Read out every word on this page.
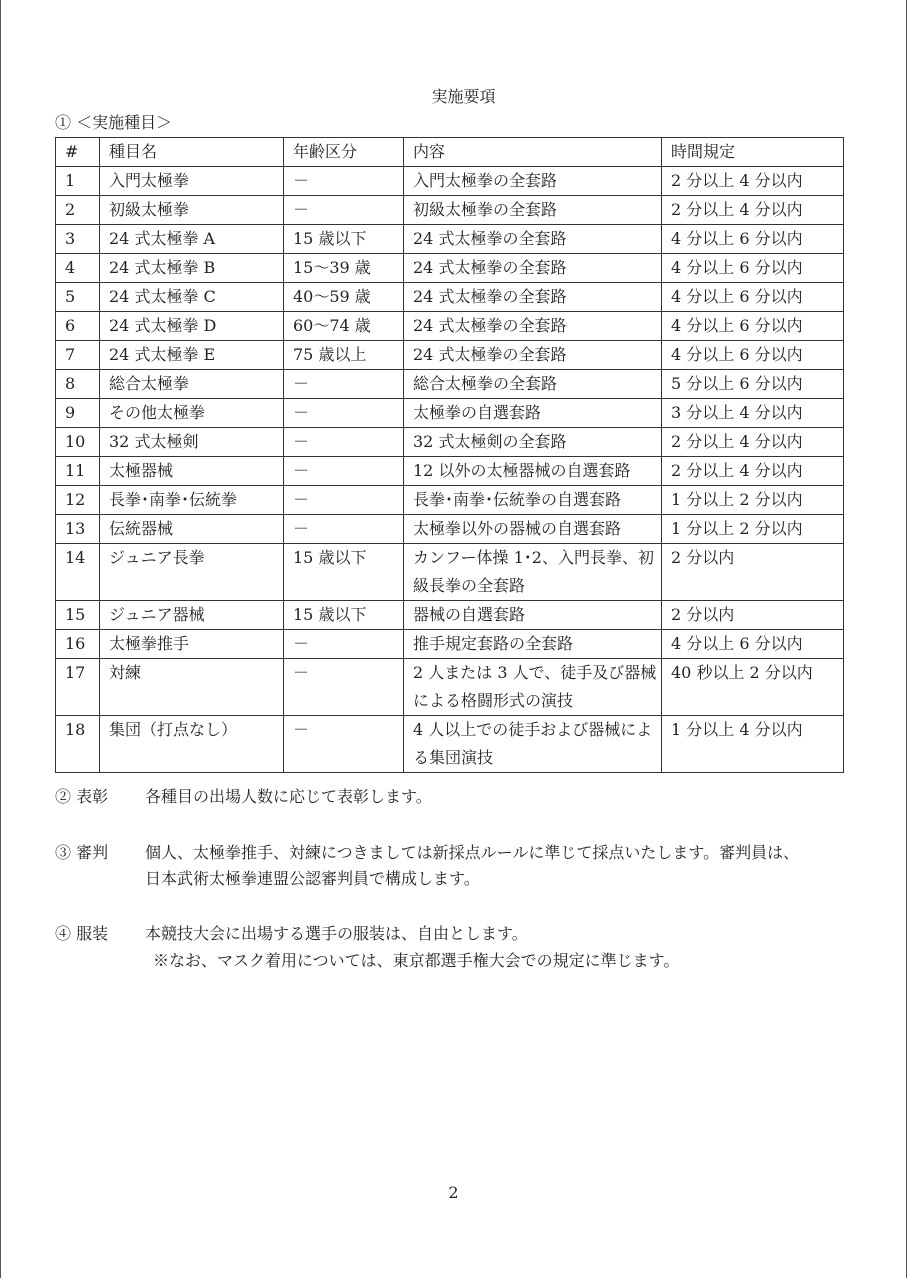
実施要項
① ＜実施種目＞
#	種目名	年齢区分	内容	時間規定
1	入門太極拳	－	入門太極拳の全套路	2 分以上 4 分以内
2	初級太極拳	－	初級太極拳の全套路	2 分以上 4 分以内
3	24 式太極拳 A	15 歳以下	24 式太極拳の全套路	4 分以上 6 分以内
4	24 式太極拳 B	15～39 歳	24 式太極拳の全套路	4 分以上 6 分以内
5	24 式太極拳 C	40～59 歳	24 式太極拳の全套路	4 分以上 6 分以内
6	24 式太極拳 D	60～74 歳	24 式太極拳の全套路	4 分以上 6 分以内
7	24 式太極拳 E	75 歳以上	24 式太極拳の全套路	4 分以上 6 分以内
8	総合太極拳	－	総合太極拳の全套路	5 分以上 6 分以内
9	その他太極拳	－	太極拳の自選套路	3 分以上 4 分以内
10	32 式太極剣	－	32 式太極剣の全套路	2 分以上 4 分以内
11	太極器械	－	12 以外の太極器械の自選套路	2 分以上 4 分以内
12	長拳･南拳･伝統拳	－	長拳･南拳･伝統拳の自選套路	1 分以上 2 分以内
13	伝統器械	－	太極拳以外の器械の自選套路	1 分以上 2 分以内
14	ジュニア長拳	15 歳以下	カンフー体操 1･2、入門長拳、初級長拳の全套路	2 分以内
15	ジュニア器械	15 歳以下	器械の自選套路	2 分以内
16	太極拳推手	－	推手規定套路の全套路	4 分以上 6 分以内
17	対練	－	2 人または 3 人で、徒手及び器械による格闘形式の演技	40 秒以上 2 分以内
18	集団（打点なし）	－	4 人以上での徒手および器械による集団演技	1 分以上 4 分以内
② 表彰 各種目の出場人数に応じて表彰します。
③ 審判 個人、太極拳推手、対練につきましては新採点ルールに準じて採点いたします。審判員は、
日本武術太極拳連盟公認審判員で構成します。
④ 服装 本競技大会に出場する選手の服装は、自由とします。
※なお、マスク着用については、東京都選手権大会での規定に準じます。
2
